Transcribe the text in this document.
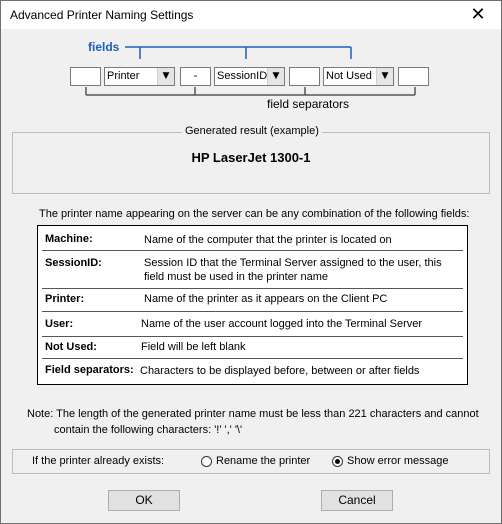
Advanced Printer Naming Settings	✕
fields
Printer	▼	-	SessionID ▼	Not Used	▼
field separators
Generated result (example)
HP LaserJet 1300-1
The printer name appearing on the server can be any combination of the following fields:
Machine:	Name of the computer that the printer is located on
SessionID:	Session ID that the Terminal Server assigned to the user, this field must be used in the printer name
Printer:	Name of the printer as it appears on the Client PC
User:	Name of the user account logged into the Terminal Server
Not Used:	Field will be left blank
Field separators: Characters to be displayed before, between or after fields
Note: The length of the generated printer name must be less than 221 characters and cannot
contain the following characters: '!' ',' '\'
If the printer already exists:	Rename the printer	Show error message
OK	Cancel
